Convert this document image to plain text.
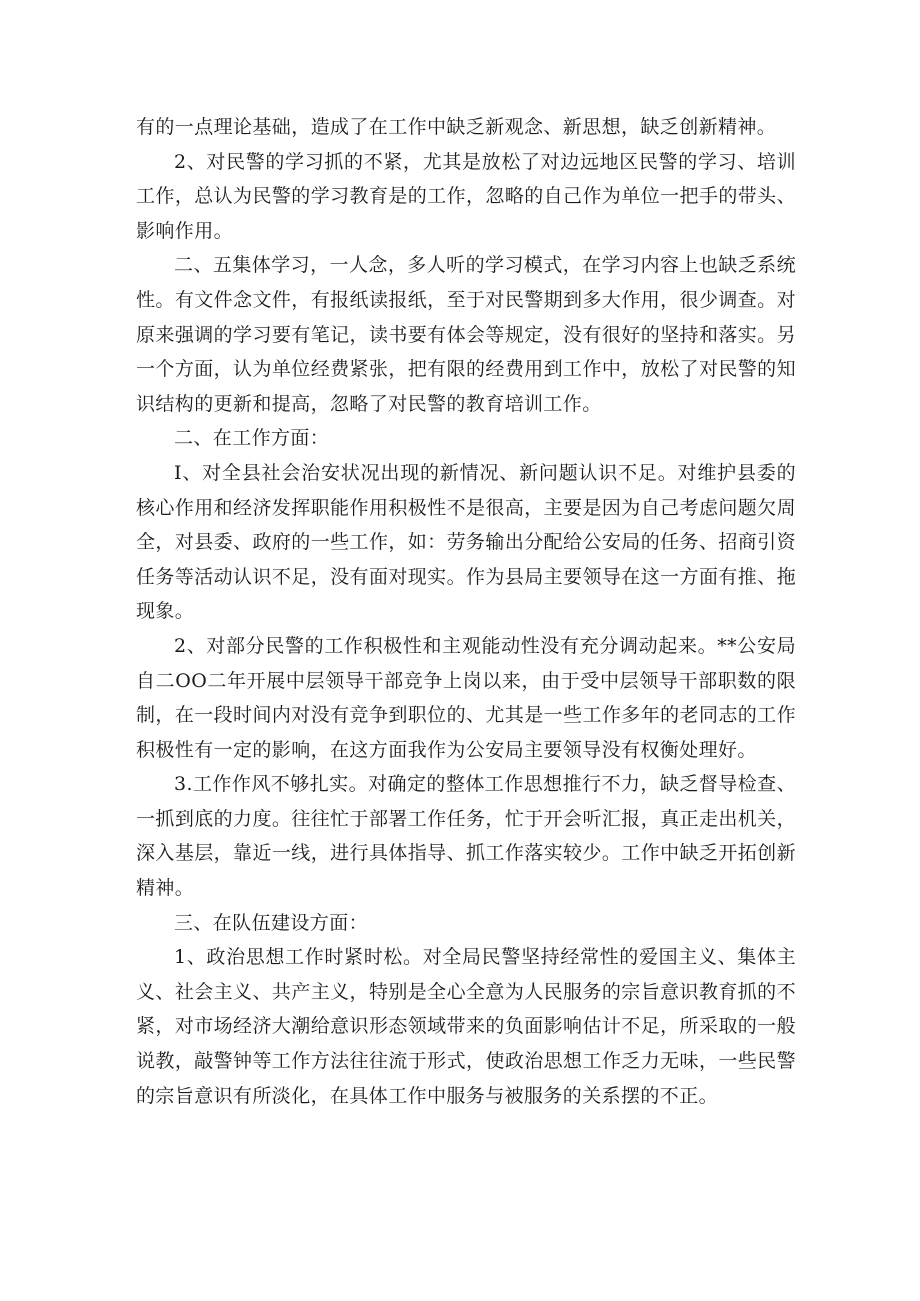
有的一点理论基础，造成了在工作中缺乏新观念、新思想，缺乏创新精神。

2、对民警的学习抓的不紧，尤其是放松了对边远地区民警的学习、培训工作，总认为民警的学习教育是的工作，忽略的自己作为单位一把手的带头、影响作用。

二、五集体学习，一人念，多人听的学习模式，在学习内容上也缺乏系统性。有文件念文件，有报纸读报纸，至于对民警期到多大作用，很少调查。对原来强调的学习要有笔记，读书要有体会等规定，没有很好的坚持和落实。另一个方面，认为单位经费紧张，把有限的经费用到工作中，放松了对民警的知识结构的更新和提高，忽略了对民警的教育培训工作。

二、在工作方面：

I、对全县社会治安状况出现的新情况、新问题认识不足。对维护县委的核心作用和经济发挥职能作用积极性不是很高，主要是因为自己考虑问题欠周全，对县委、政府的一些工作，如：劳务输出分配给公安局的任务、招商引资任务等活动认识不足，没有面对现实。作为县局主要领导在这一方面有推、拖现象。

2、对部分民警的工作积极性和主观能动性没有充分调动起来。**公安局自二OO二年开展中层领导干部竞争上岗以来，由于受中层领导干部职数的限制，在一段时间内对没有竞争到职位的、尤其是一些工作多年的老同志的工作积极性有一定的影响，在这方面我作为公安局主要领导没有权衡处理好。

3.工作作风不够扎实。对确定的整体工作思想推行不力，缺乏督导检查、一抓到底的力度。往往忙于部署工作任务，忙于开会听汇报，真正走出机关，深入基层，靠近一线，进行具体指导、抓工作落实较少。工作中缺乏开拓创新精神。

三、在队伍建设方面：

1、政治思想工作时紧时松。对全局民警坚持经常性的爱国主义、集体主义、社会主义、共产主义，特别是全心全意为人民服务的宗旨意识教育抓的不紧，对市场经济大潮给意识形态领域带来的负面影响估计不足，所采取的一般说教，敲警钟等工作方法往往流于形式，使政治思想工作乏力无味，一些民警的宗旨意识有所淡化，在具体工作中服务与被服务的关系摆的不正。
